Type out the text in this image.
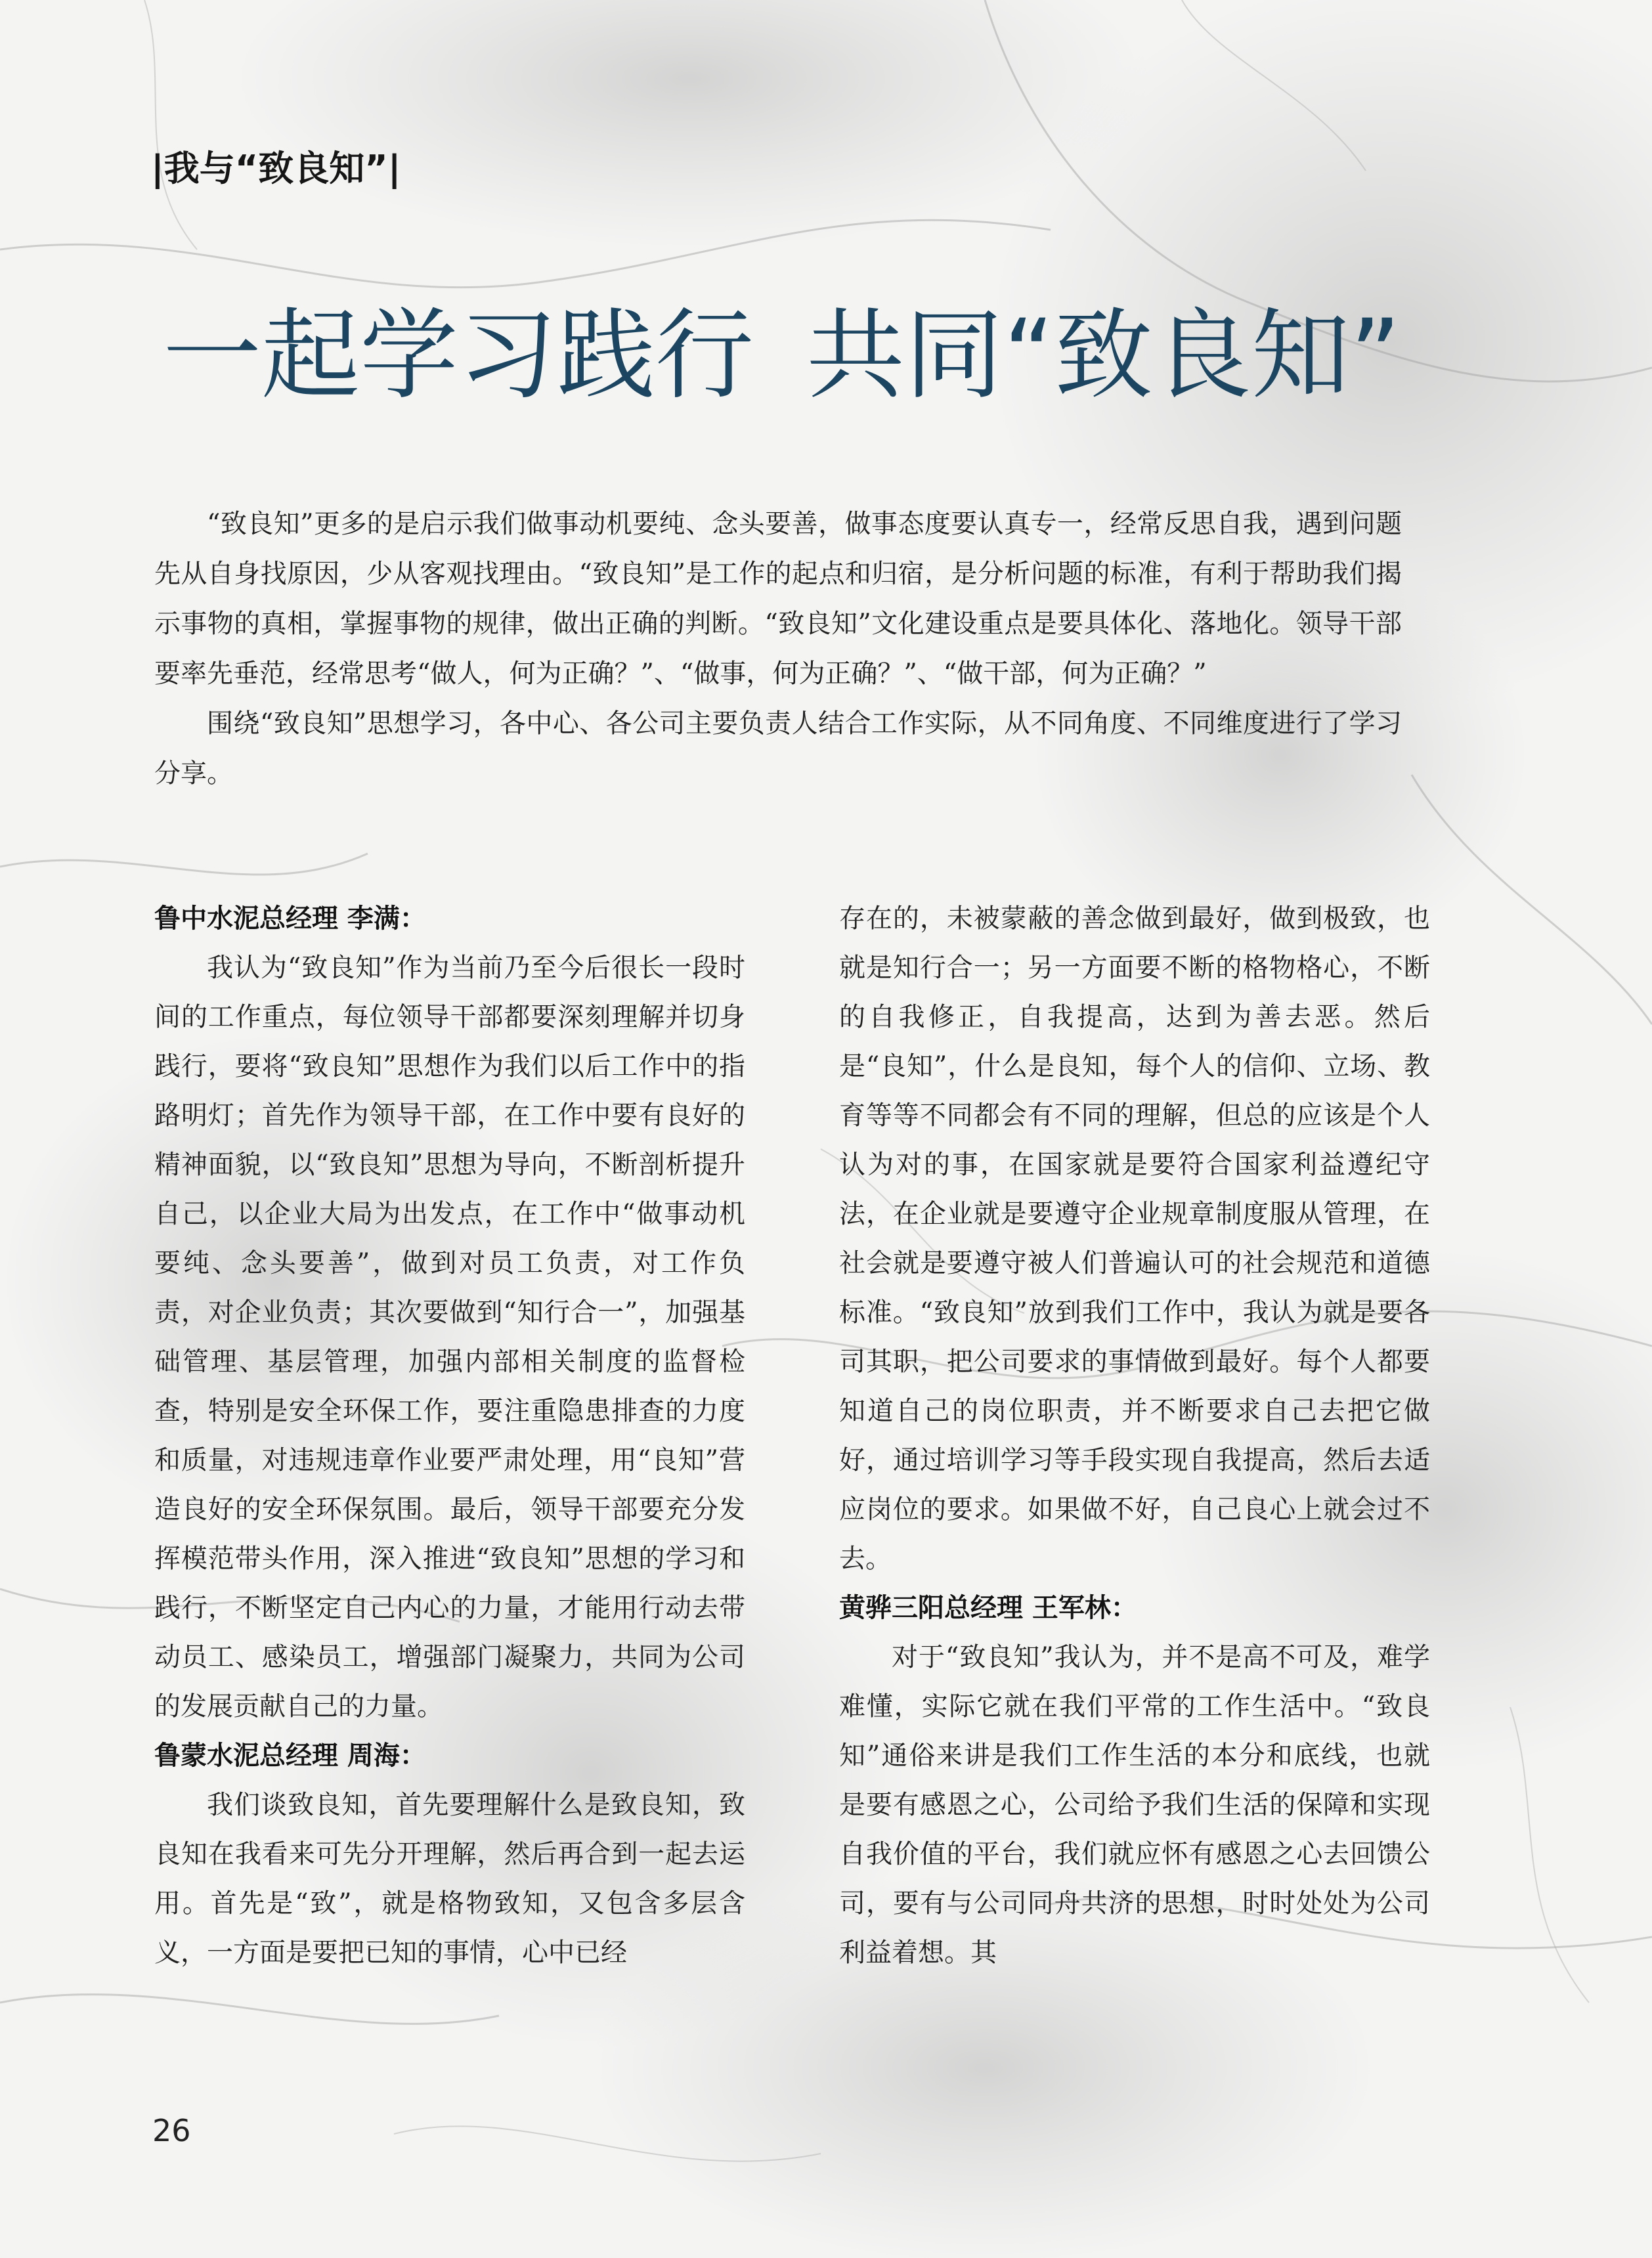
|我与“致良知”|
一起学习践行 共同“致良知”

“致良知”更多的是启示我们做事动机要纯、念头要善，做事态度要认真专一，经常反思自我，遇到问题先从自身找原因，少从客观找理由。“致良知”是工作的起点和归宿，是分析问题的标准，有利于帮助我们揭示事物的真相，掌握事物的规律，做出正确的判断。“致良知”文化建设重点是要具体化、落地化。领导干部要率先垂范，经常思考“做人，何为正确？”、“做事，何为正确？”、“做干部，何为正确？”

围绕“致良知”思想学习，各中心、各公司主要负责人结合工作实际，从不同角度、不同维度进行了学习分享。

鲁中水泥总经理 李满：

我认为“致良知”作为当前乃至今后很长一段时间的工作重点，每位领导干部都要深刻理解并切身践行，要将“致良知”思想作为我们以后工作中的指路明灯；首先作为领导干部，在工作中要有良好的精神面貌，以“致良知”思想为导向，不断剖析提升自己，以企业大局为出发点，在工作中“做事动机要纯、念头要善”，做到对员工负责，对工作负责，对企业负责；其次要做到“知行合一”，加强基础管理、基层管理，加强内部相关制度的监督检查，特别是安全环保工作，要注重隐患排查的力度和质量，对违规违章作业要严肃处理，用“良知”营造良好的安全环保氛围。最后，领导干部要充分发挥模范带头作用，深入推进“致良知”思想的学习和践行，不断坚定自己内心的力量，才能用行动去带动员工、感染员工，增强部门凝聚力，共同为公司的发展贡献自己的力量。

鲁蒙水泥总经理 周海：

我们谈致良知，首先要理解什么是致良知，致良知在我看来可先分开理解，然后再合到一起去运用。首先是“致”，就是格物致知，又包含多层含义，一方面是要把已知的事情，心中已经

存在的，未被蒙蔽的善念做到最好，做到极致，也就是知行合一；另一方面要不断的格物格心，不断的自我修正，自我提高，达到为善去恶。然后是“良知”，什么是良知，每个人的信仰、立场、教育等等不同都会有不同的理解，但总的应该是个人认为对的事，在国家就是要符合国家利益遵纪守法，在企业就是要遵守企业规章制度服从管理，在社会就是要遵守被人们普遍认可的社会规范和道德标准。“致良知”放到我们工作中，我认为就是要各司其职，把公司要求的事情做到最好。每个人都要知道自己的岗位职责，并不断要求自己去把它做好，通过培训学习等手段实现自我提高，然后去适应岗位的要求。如果做不好，自己良心上就会过不去。

黄骅三阳总经理 王军林：

对于“致良知”我认为，并不是高不可及，难学难懂，实际它就在我们平常的工作生活中。“致良知”通俗来讲是我们工作生活的本分和底线，也就是要有感恩之心，公司给予我们生活的保障和实现自我价值的平台，我们就应怀有感恩之心去回馈公司，要有与公司同舟共济的思想，时时处处为公司利益着想。其

26
